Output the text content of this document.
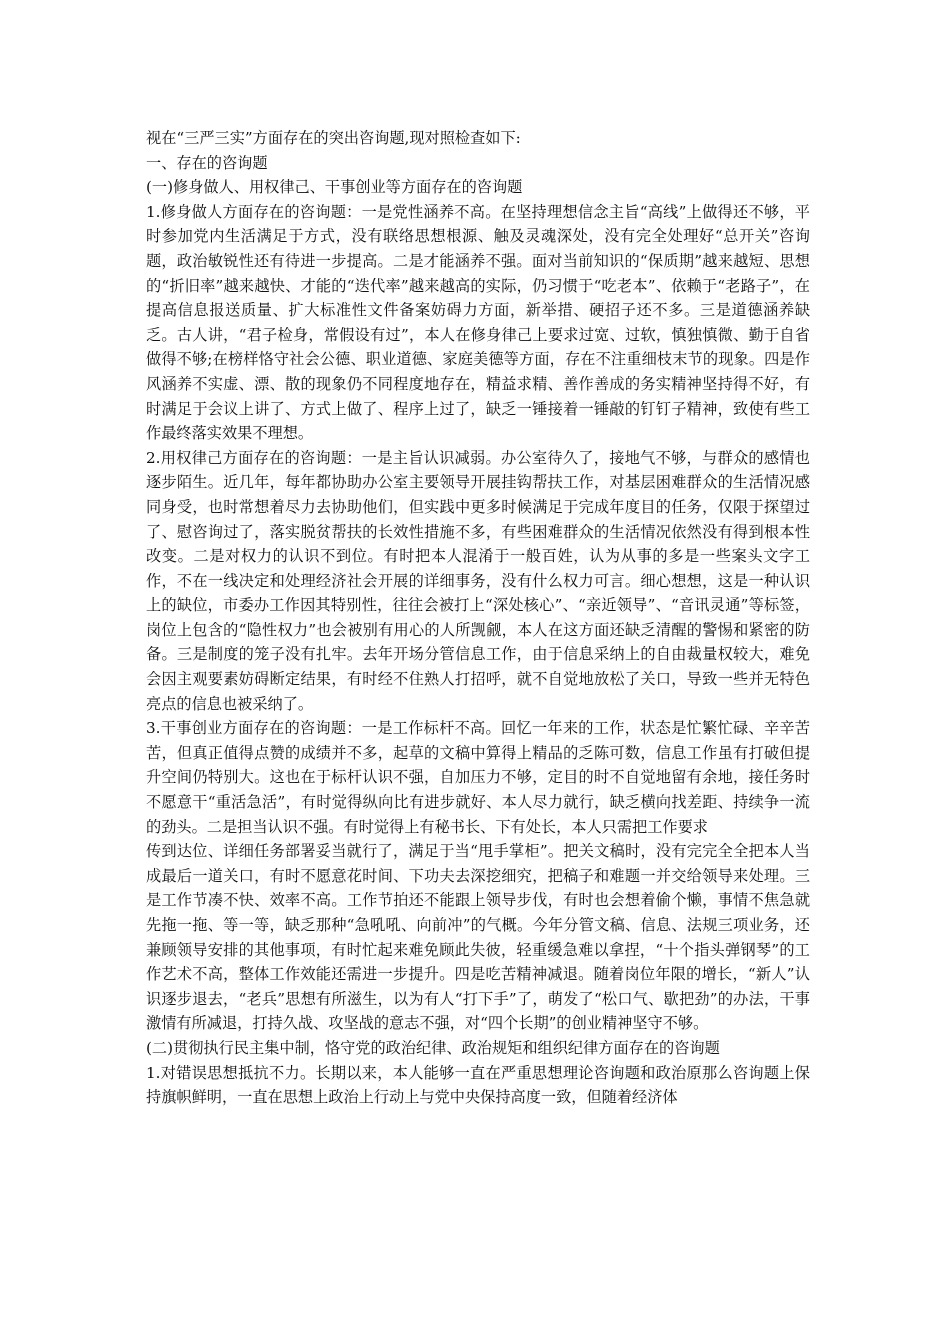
视在“三严三实”方面存在的突出咨询题,现对照检查如下:

一、存在的咨询题

(一)修身做人、用权律己、干事创业等方面存在的咨询题

1.修身做人方面存在的咨询题：一是党性涵养不高。在坚持理想信念主旨“高线”上做得还不够，平时参加党内生活满足于方式，没有联络思想根源、触及灵魂深处，没有完全处理好“总开关”咨询题，政治敏锐性还有待进一步提高。二是才能涵养不强。面对当前知识的“保质期”越来越短、思想的“折旧率”越来越快、才能的“迭代率”越来越高的实际，仍习惯于“吃老本”、依赖于“老路子”，在提高信息报送质量、扩大标准性文件备案妨碍力方面，新举措、硬招子还不多。三是道德涵养缺乏。古人讲，“君子检身，常假设有过”，本人在修身律己上要求过宽、过软，慎独慎微、勤于自省做得不够;在榜样恪守社会公德、职业道德、家庭美德等方面，存在不注重细枝末节的现象。四是作风涵养不实虚、漂、散的现象仍不同程度地存在，精益求精、善作善成的务实精神坚持得不好，有时满足于会议上讲了、方式上做了、程序上过了，缺乏一锤接着一锤敲的钉钉子精神，致使有些工作最终落实效果不理想。

2.用权律己方面存在的咨询题：一是主旨认识减弱。办公室待久了，接地气不够，与群众的感情也逐步陌生。近几年，每年都协助办公室主要领导开展挂钩帮扶工作，对基层困难群众的生活情况感同身受，也时常想着尽力去协助他们，但实践中更多时候满足于完成年度目的任务，仅限于探望过了、慰咨询过了，落实脱贫帮扶的长效性措施不多，有些困难群众的生活情况依然没有得到根本性改变。二是对权力的认识不到位。有时把本人混淆于一般百姓，认为从事的多是一些案头文字工作，不在一线决定和处理经济社会开展的详细事务，没有什么权力可言。细心想想，这是一种认识上的缺位，市委办工作因其特别性，往往会被打上“深处核心”、“亲近领导”、“音讯灵通”等标签，岗位上包含的“隐性权力”也会被别有用心的人所觊觎，本人在这方面还缺乏清醒的警惕和紧密的防备。三是制度的笼子没有扎牢。去年开场分管信息工作，由于信息采纳上的自由裁量权较大，难免会因主观要素妨碍断定结果，有时经不住熟人打招呼，就不自觉地放松了关口，导致一些并无特色亮点的信息也被采纳了。

3.干事创业方面存在的咨询题：一是工作标杆不高。回忆一年来的工作，状态是忙繁忙碌、辛辛苦苦，但真正值得点赞的成绩并不多，起草的文稿中算得上精品的乏陈可数，信息工作虽有打破但提升空间仍特别大。这也在于标杆认识不强，自加压力不够，定目的时不自觉地留有余地，接任务时不愿意干“重活急活”，有时觉得纵向比有进步就好、本人尽力就行，缺乏横向找差距、持续争一流的劲头。二是担当认识不强。有时觉得上有秘书长、下有处长，本人只需把工作要求

传到达位、详细任务部署妥当就行了，满足于当“甩手掌柜”。把关文稿时，没有完完全全把本人当成最后一道关口，有时不愿意花时间、下功夫去深挖细究，把稿子和难题一并交给领导来处理。三是工作节凑不快、效率不高。工作节拍还不能跟上领导步伐，有时也会想着偷个懒，事情不焦急就先拖一拖、等一等，缺乏那种“急吼吼、向前冲”的气概。今年分管文稿、信息、法规三项业务，还兼顾领导安排的其他事项，有时忙起来难免顾此失彼，轻重缓急难以拿捏，“十个指头弹钢琴”的工作艺术不高，整体工作效能还需进一步提升。四是吃苦精神减退。随着岗位年限的增长，“新人”认识逐步退去，“老兵”思想有所滋生，以为有人“打下手”了，萌发了“松口气、歇把劲”的办法，干事激情有所减退，打持久战、攻坚战的意志不强，对“四个长期”的创业精神坚守不够。

(二)贯彻执行民主集中制，恪守党的政治纪律、政治规矩和组织纪律方面存在的咨询题

1.对错误思想抵抗不力。长期以来，本人能够一直在严重思想理论咨询题和政治原那么咨询题上保持旗帜鲜明，一直在思想上政治上行动上与党中央保持高度一致，但随着经济体
